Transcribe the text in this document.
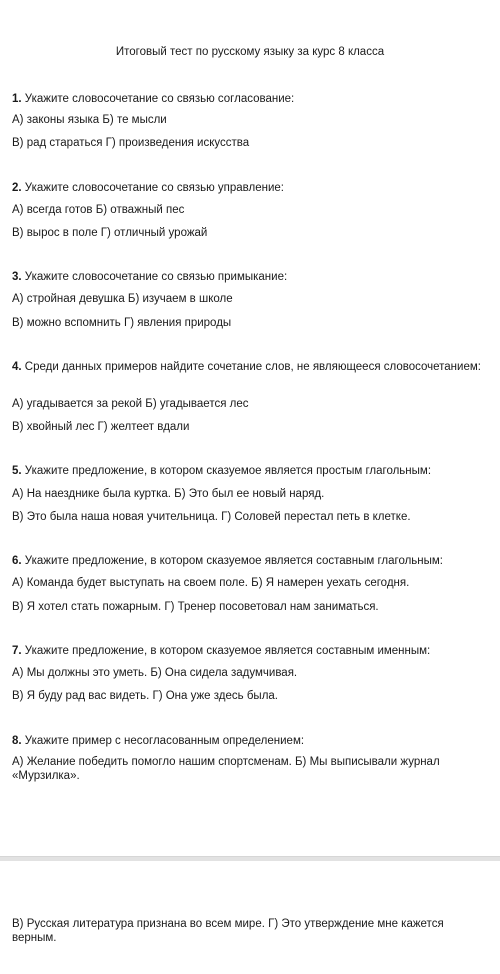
Итоговый тест по русскому языку за курс 8 класса
1. Укажите словосочетание со связью согласование:
А) законы языка Б) те мысли
В) рад стараться Г) произведения искусства
2. Укажите словосочетание со связью управление:
А) всегда готов Б) отважный пес
В) вырос в поле Г) отличный урожай
3. Укажите словосочетание со связью примыкание:
А) стройная девушка Б) изучаем в школе
В) можно вспомнить Г) явления природы
4. Среди данных примеров найдите сочетание слов, не являющееся словосочетанием:
А) угадывается за рекой Б) угадывается лес
В) хвойный лес Г) желтеет вдали
5. Укажите предложение, в котором сказуемое является простым глагольным:
А) На наезднике была куртка. Б) Это был ее новый наряд.
В) Это была наша новая учительница. Г) Соловей перестал петь в клетке.
6. Укажите предложение, в котором сказуемое является составным глагольным:
А) Команда будет выступать на своем поле. Б) Я намерен уехать сегодня.
В) Я хотел стать пожарным. Г) Тренер посоветовал нам заниматься.
7. Укажите предложение, в котором сказуемое является составным именным:
А) Мы должны это уметь. Б) Она сидела задумчивая.
В) Я буду рад вас видеть. Г) Она уже здесь была.
8. Укажите пример с несогласованным определением:
А) Желание победить помогло нашим спортсменам. Б) Мы выписывали журнал «Мурзилка».
В) Русская литература признана во всем мире. Г) Это утверждение мне кажется верным.
